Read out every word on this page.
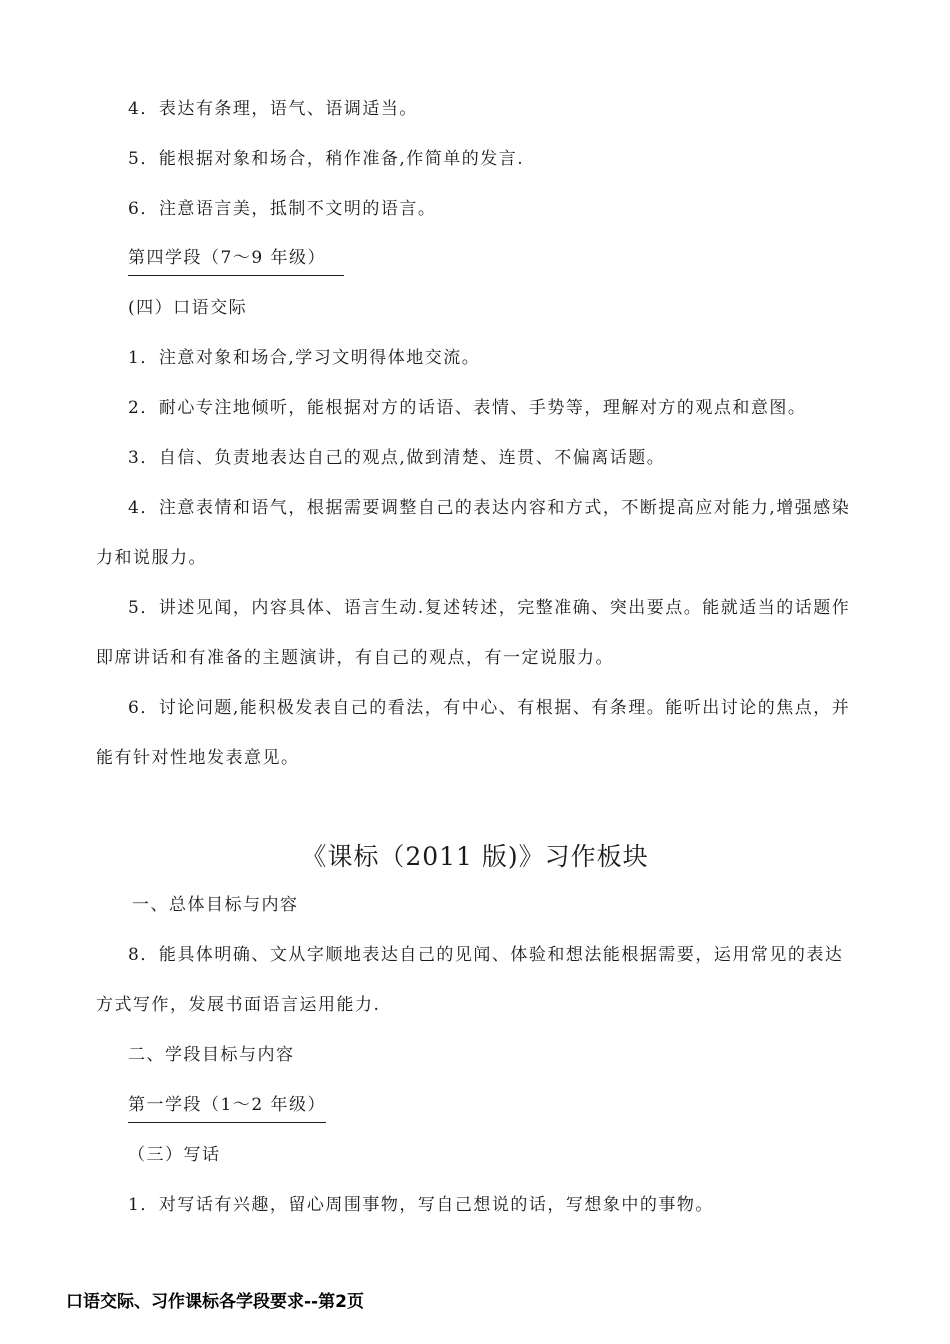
4．表达有条理，语气、语调适当。
5．能根据对象和场合，稍作准备,作简单的发言.
6．注意语言美，抵制不文明的语言。
第四学段（7～9 年级）
(四）口语交际
1．注意对象和场合,学习文明得体地交流。
2．耐心专注地倾听，能根据对方的话语、表情、手势等，理解对方的观点和意图。
3．自信、负责地表达自己的观点,做到清楚、连贯、不偏离话题。
4．注意表情和语气，根据需要调整自己的表达内容和方式，不断提高应对能力,增强感染力和说服力。
5．讲述见闻，内容具体、语言生动.复述转述，完整准确、突出要点。能就适当的话题作即席讲话和有准备的主题演讲，有自己的观点，有一定说服力。
6．讨论问题,能积极发表自己的看法，有中心、有根据、有条理。能听出讨论的焦点，并能有针对性地发表意见。
《课标（2011 版)》习作板块
一、总体目标与内容
8．能具体明确、文从字顺地表达自己的见闻、体验和想法能根据需要，运用常见的表达方式写作，发展书面语言运用能力.
二、学段目标与内容
第一学段（1～2 年级）
（三）写话
1．对写话有兴趣，留心周围事物，写自己想说的话，写想象中的事物。
口语交际、习作课标各学段要求--第2页
